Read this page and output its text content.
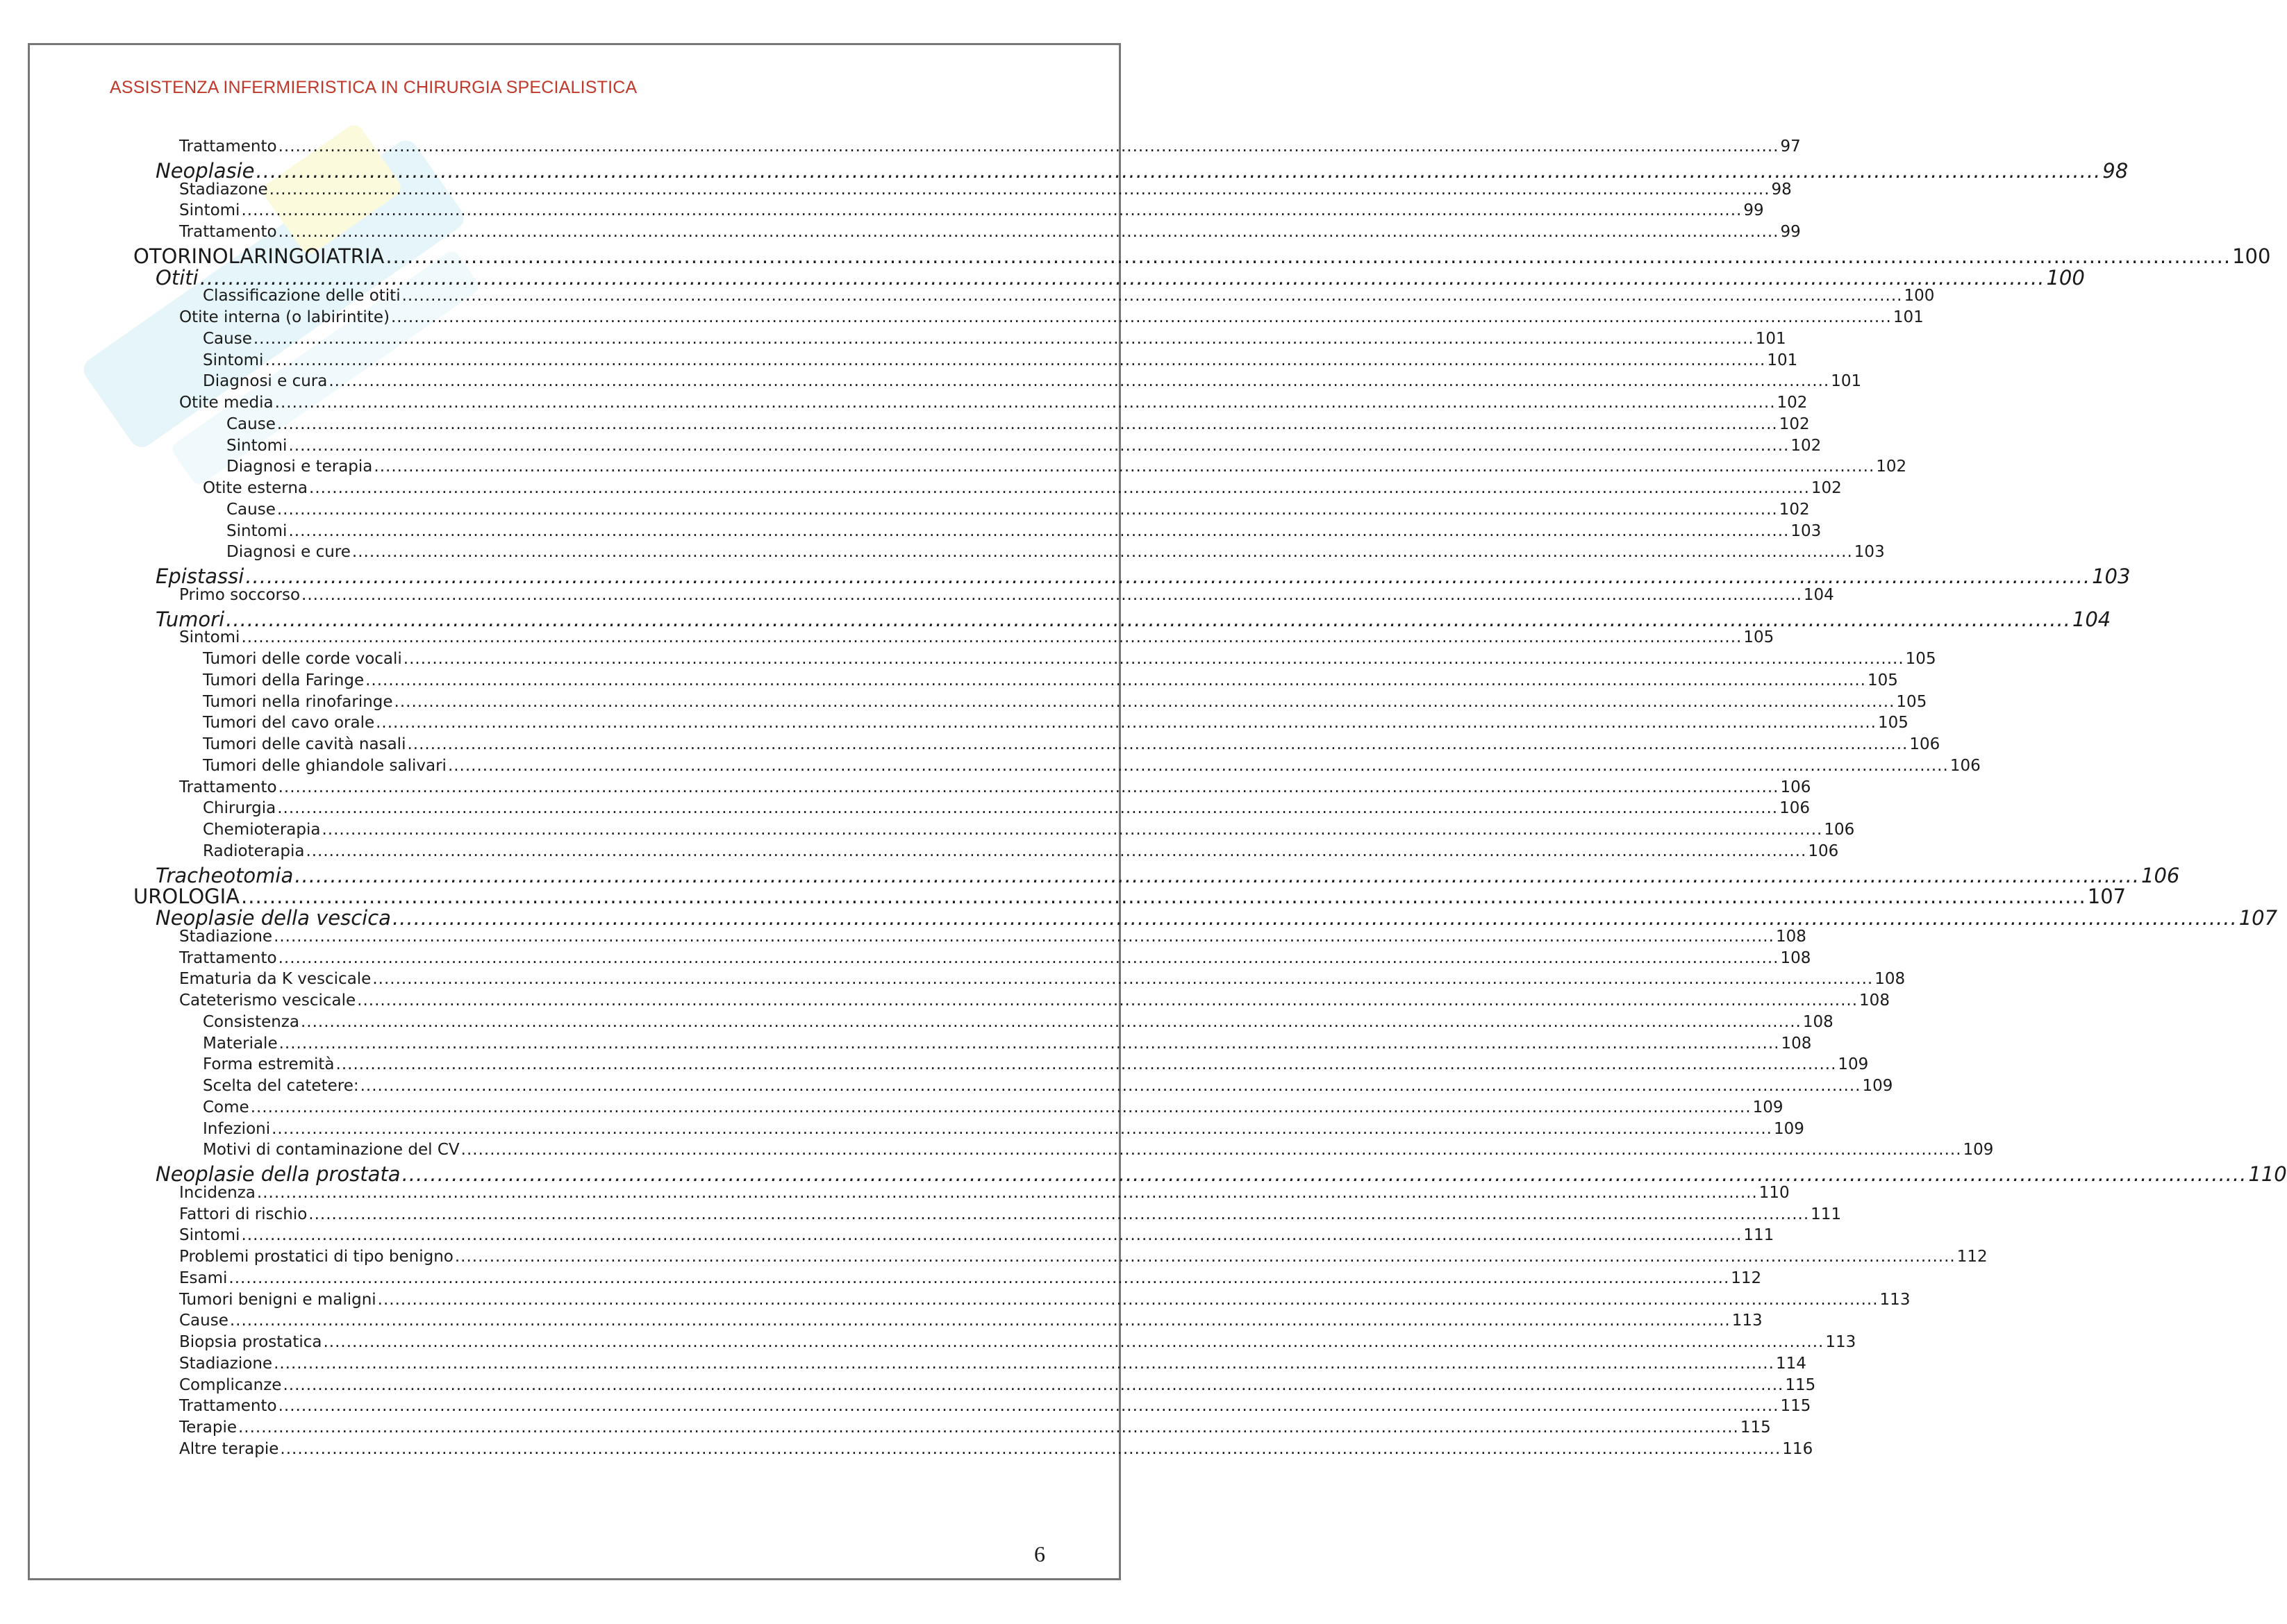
ASSISTENZA INFERMIERISTICA IN CHIRURGIA SPECIALISTICA
Trattamento .................................................................................................................................................................................................................................................................... 97
Neoplasie .................................................................................................................................................................................................................................................................... 98
Stadiazone .................................................................................................................................................................................................................................................................... 98
Sintomi .................................................................................................................................................................................................................................................................... 99
Trattamento .................................................................................................................................................................................................................................................................... 99
OTORINOLARINGOIATRIA .................................................................................................................................................................................................................................................................... 100
Otiti .................................................................................................................................................................................................................................................................... 100
Classificazione delle otiti .................................................................................................................................................................................................................................................................... 100
Otite interna (o labirintite) .................................................................................................................................................................................................................................................................... 101
Cause .................................................................................................................................................................................................................................................................... 101
Sintomi .................................................................................................................................................................................................................................................................... 101
Diagnosi e cura .................................................................................................................................................................................................................................................................... 101
Otite media .................................................................................................................................................................................................................................................................... 102
Cause .................................................................................................................................................................................................................................................................... 102
Sintomi .................................................................................................................................................................................................................................................................... 102
Diagnosi e terapia .................................................................................................................................................................................................................................................................... 102
Otite esterna .................................................................................................................................................................................................................................................................... 102
Cause .................................................................................................................................................................................................................................................................... 102
Sintomi .................................................................................................................................................................................................................................................................... 103
Diagnosi e cure .................................................................................................................................................................................................................................................................... 103
Epistassi .................................................................................................................................................................................................................................................................... 103
Primo soccorso .................................................................................................................................................................................................................................................................... 104
Tumori .................................................................................................................................................................................................................................................................... 104
Sintomi .................................................................................................................................................................................................................................................................... 105
Tumori delle corde vocali .................................................................................................................................................................................................................................................................... 105
Tumori della Faringe .................................................................................................................................................................................................................................................................... 105
Tumori nella rinofaringe .................................................................................................................................................................................................................................................................... 105
Tumori del cavo orale .................................................................................................................................................................................................................................................................... 105
Tumori delle cavità nasali .................................................................................................................................................................................................................................................................... 106
Tumori delle ghiandole salivari .................................................................................................................................................................................................................................................................... 106
Trattamento .................................................................................................................................................................................................................................................................... 106
Chirurgia .................................................................................................................................................................................................................................................................... 106
Chemioterapia .................................................................................................................................................................................................................................................................... 106
Radioterapia .................................................................................................................................................................................................................................................................... 106
Tracheotomia .................................................................................................................................................................................................................................................................... 106
UROLOGIA .................................................................................................................................................................................................................................................................... 107
Neoplasie della vescica .................................................................................................................................................................................................................................................................... 107
Stadiazione .................................................................................................................................................................................................................................................................... 108
Trattamento .................................................................................................................................................................................................................................................................... 108
Ematuria da K vescicale .................................................................................................................................................................................................................................................................... 108
Cateterismo vescicale .................................................................................................................................................................................................................................................................... 108
Consistenza .................................................................................................................................................................................................................................................................... 108
Materiale .................................................................................................................................................................................................................................................................... 108
Forma estremità .................................................................................................................................................................................................................................................................... 109
Scelta del catetere: .................................................................................................................................................................................................................................................................... 109
Come .................................................................................................................................................................................................................................................................... 109
Infezioni .................................................................................................................................................................................................................................................................... 109
Motivi di contaminazione del CV .................................................................................................................................................................................................................................................................... 109
Neoplasie della prostata .................................................................................................................................................................................................................................................................... 110
Incidenza .................................................................................................................................................................................................................................................................... 110
Fattori di rischio .................................................................................................................................................................................................................................................................... 111
Sintomi .................................................................................................................................................................................................................................................................... 111
Problemi prostatici di tipo benigno .................................................................................................................................................................................................................................................................... 112
Esami .................................................................................................................................................................................................................................................................... 112
Tumori benigni e maligni .................................................................................................................................................................................................................................................................... 113
Cause .................................................................................................................................................................................................................................................................... 113
Biopsia prostatica .................................................................................................................................................................................................................................................................... 113
Stadiazione .................................................................................................................................................................................................................................................................... 114
Complicanze .................................................................................................................................................................................................................................................................... 115
Trattamento .................................................................................................................................................................................................................................................................... 115
Terapie .................................................................................................................................................................................................................................................................... 115
Altre terapie .................................................................................................................................................................................................................................................................... 116
6
